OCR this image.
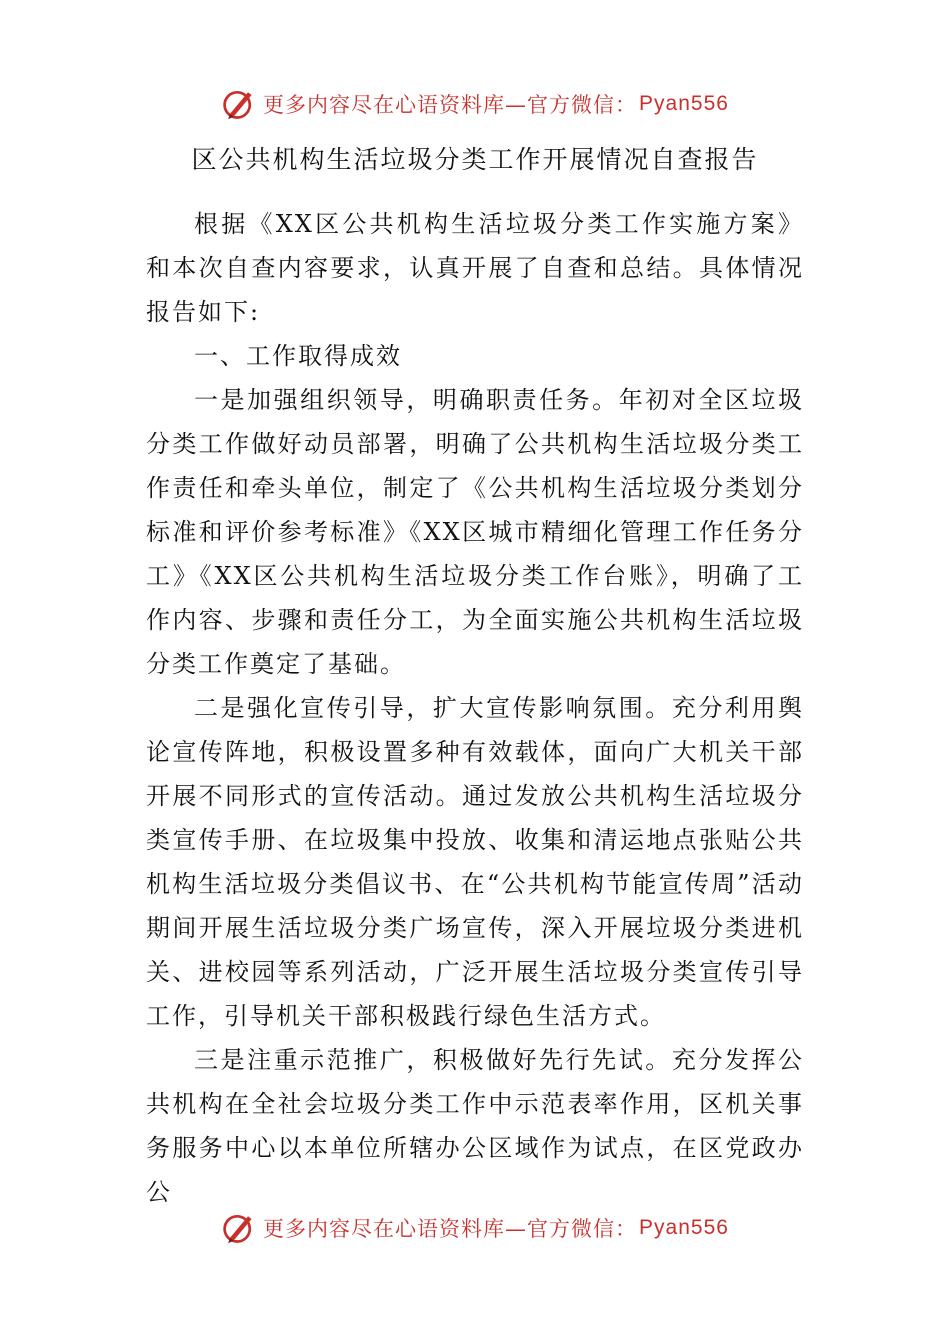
更多内容尽在心语资料库—官方微信： Pyan556
区公共机构生活垃圾分类工作开展情况自查报告

根据《XX区公共机构生活垃圾分类工作实施方案》和本次自查内容要求，认真开展了自查和总结。具体情况报告如下:

一、工作取得成效

一是加强组织领导，明确职责任务。年初对全区垃圾分类工作做好动员部署，明确了公共机构生活垃圾分类工作责任和牵头单位，制定了《公共机构生活垃圾分类划分标准和评价参考标准》《XX区城市精细化管理工作任务分工》《XX区公共机构生活垃圾分类工作台账》，明确了工作内容、步骤和责任分工，为全面实施公共机构生活垃圾分类工作奠定了基础。

二是强化宣传引导，扩大宣传影响氛围。充分利用舆论宣传阵地，积极设置多种有效载体，面向广大机关干部开展不同形式的宣传活动。通过发放公共机构生活垃圾分类宣传手册、在垃圾集中投放、收集和清运地点张贴公共机构生活垃圾分类倡议书、在“公共机构节能宣传周”活动期间开展生活垃圾分类广场宣传，深入开展垃圾分类进机关、进校园等系列活动，广泛开展生活垃圾分类宣传引导工作，引导机关干部积极践行绿色生活方式。

三是注重示范推广，积极做好先行先试。充分发挥公共机构在全社会垃圾分类工作中示范表率作用，区机关事务服务中心以本单位所辖办公区域作为试点，在区党政办公

更多内容尽在心语资料库—官方微信： Pyan556
